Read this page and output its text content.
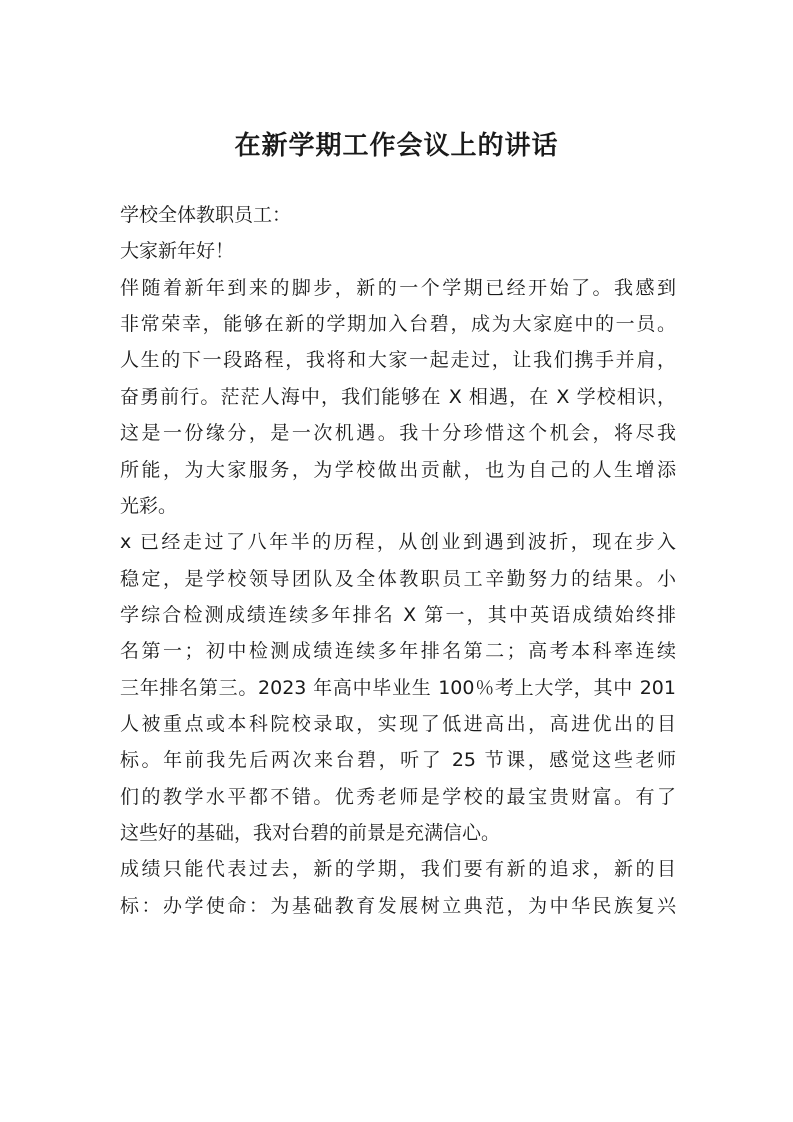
在新学期工作会议上的讲话
学校全体教职员工：
大家新年好！
伴随着新年到来的脚步，新的一个学期已经开始了。我感到
非常荣幸，能够在新的学期加入台碧，成为大家庭中的一员。
人生的下一段路程，我将和大家一起走过，让我们携手并肩，
奋勇前行。茫茫人海中，我们能够在 X 相遇，在 X 学校相识，
这是一份缘分，是一次机遇。我十分珍惜这个机会，将尽我
所能，为大家服务，为学校做出贡献，也为自己的人生增添
光彩。
x 已经走过了八年半的历程，从创业到遇到波折，现在步入
稳定，是学校领导团队及全体教职员工辛勤努力的结果。小
学综合检测成绩连续多年排名 X 第一，其中英语成绩始终排
名第一；初中检测成绩连续多年排名第二；高考本科率连续
三年排名第三。2023 年高中毕业生 100％考上大学，其中 201
人被重点或本科院校录取，实现了低进高出，高进优出的目
标。年前我先后两次来台碧，听了 25 节课，感觉这些老师
们的教学水平都不错。优秀老师是学校的最宝贵财富。有了
这些好的基础，我对台碧的前景是充满信心。
成绩只能代表过去，新的学期，我们要有新的追求，新的目
标：办学使命：为基础教育发展树立典范，为中华民族复兴
